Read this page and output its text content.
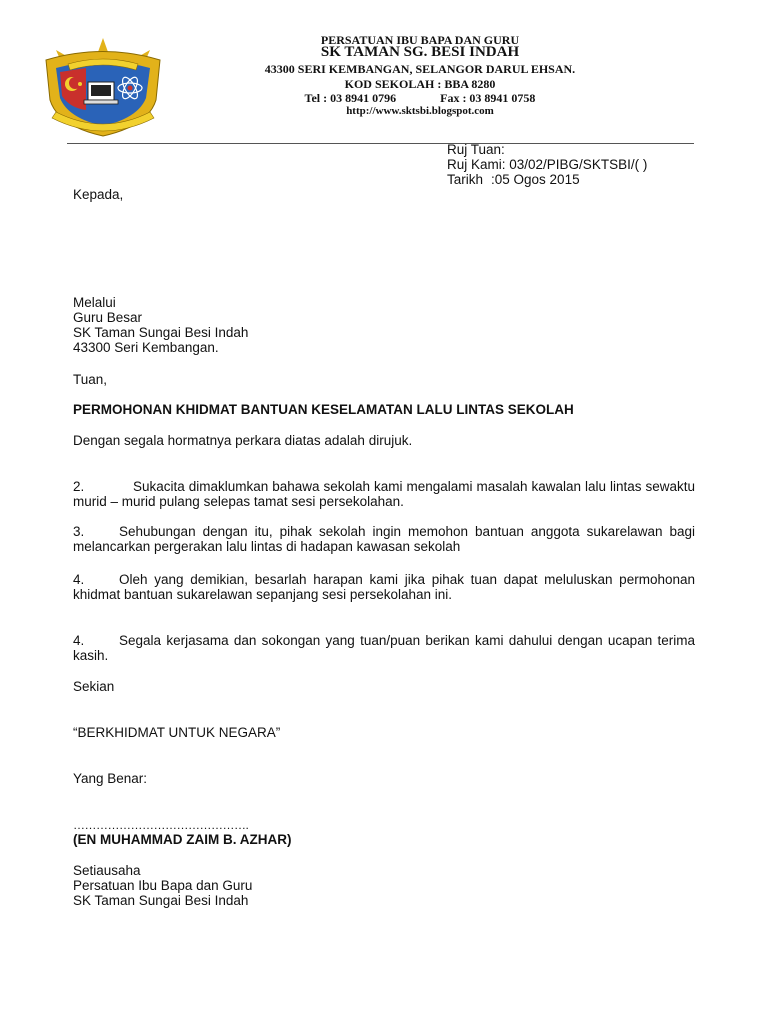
PERSATUAN IBU BAPA DAN GURU
SK TAMAN SG. BESI INDAH
43300 SERI KEMBANGAN, SELANGOR DARUL EHSAN.
KOD SEKOLAH : BBA 8280
Tel : 03 8941 0796	Fax : 03 8941 0758
http://www.sktsbi.blogspot.com
Ruj Tuan:
Ruj Kami: 03/02/PIBG/SKTSBI/( )
Tarikh :05 Ogos 2015
Kepada,
Melalui
Guru Besar
SK Taman Sungai Besi Indah
43300 Seri Kembangan.
Tuan,
PERMOHONAN KHIDMAT BANTUAN KESELAMATAN LALU LINTAS SEKOLAH
Dengan segala hormatnya perkara diatas adalah dirujuk.
2.	Sukacita dimaklumkan bahawa sekolah kami mengalami masalah kawalan lalu lintas sewaktu murid – murid pulang selepas tamat sesi persekolahan.
3.	Sehubungan dengan itu, pihak sekolah ingin memohon bantuan anggota sukarelawan bagi melancarkan pergerakan lalu lintas di hadapan kawasan sekolah
4.	Oleh yang demikian, besarlah harapan kami jika pihak tuan dapat meluluskan permohonan khidmat bantuan sukarelawan sepanjang sesi persekolahan ini.
4.	Segala kerjasama dan sokongan yang tuan/puan berikan kami dahului dengan ucapan terima kasih.
Sekian
“BERKHIDMAT UNTUK NEGARA”
Yang Benar:
……………………………………….
(EN MUHAMMAD ZAIM B. AZHAR)
Setiausaha
Persatuan Ibu Bapa dan Guru
SK Taman Sungai Besi Indah
